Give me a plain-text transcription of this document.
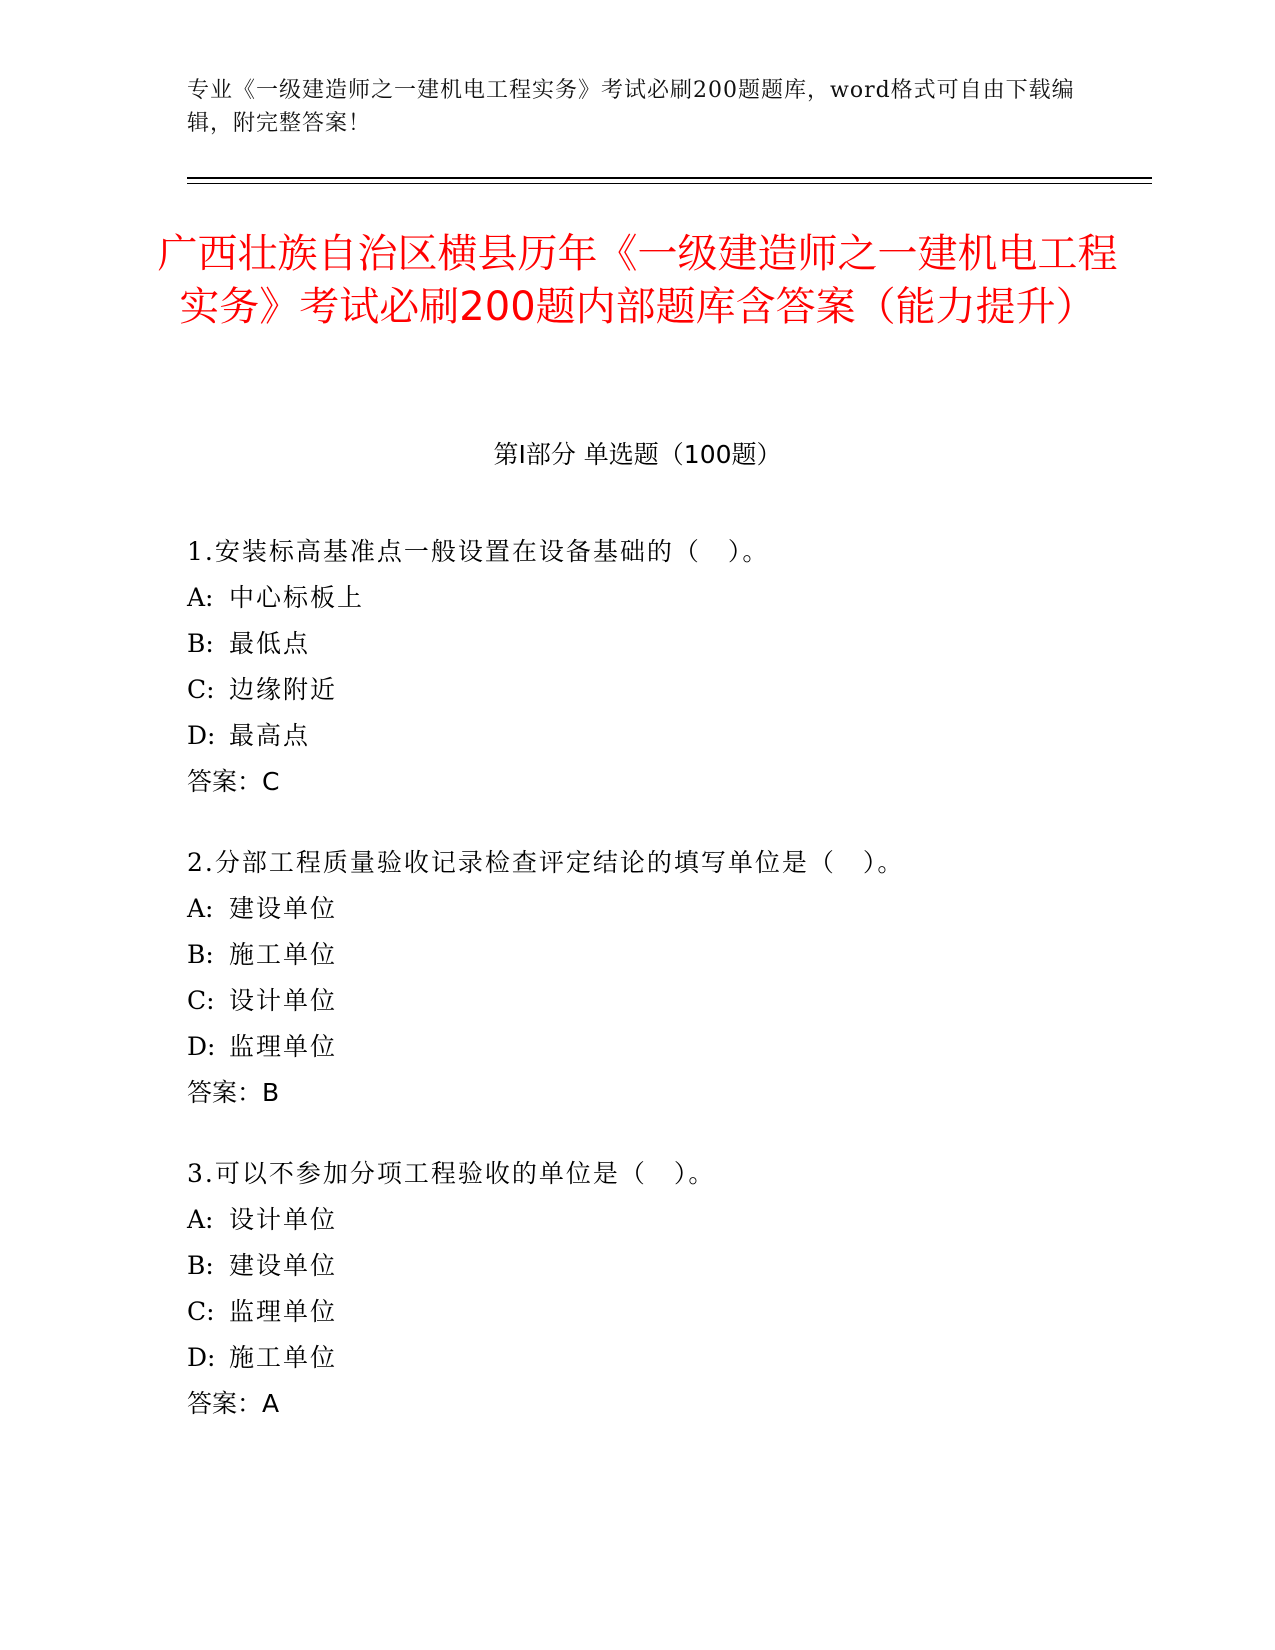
专业《一级建造师之一建机电工程实务》考试必刷200题题库，word格式可自由下载编辑，附完整答案！
广西壮族自治区横县历年《一级建造师之一建机电工程实务》考试必刷200题内部题库含答案（能力提升）
第I部分 单选题（100题）
1.安装标高基准点一般设置在设备基础的（　）。
A: 中心标板上
B: 最低点
C: 边缘附近
D: 最高点
答案：C
2.分部工程质量验收记录检查评定结论的填写单位是（　）。
A: 建设单位
B: 施工单位
C: 设计单位
D: 监理单位
答案：B
3.可以不参加分项工程验收的单位是（　）。
A: 设计单位
B: 建设单位
C: 监理单位
D: 施工单位
答案：A
